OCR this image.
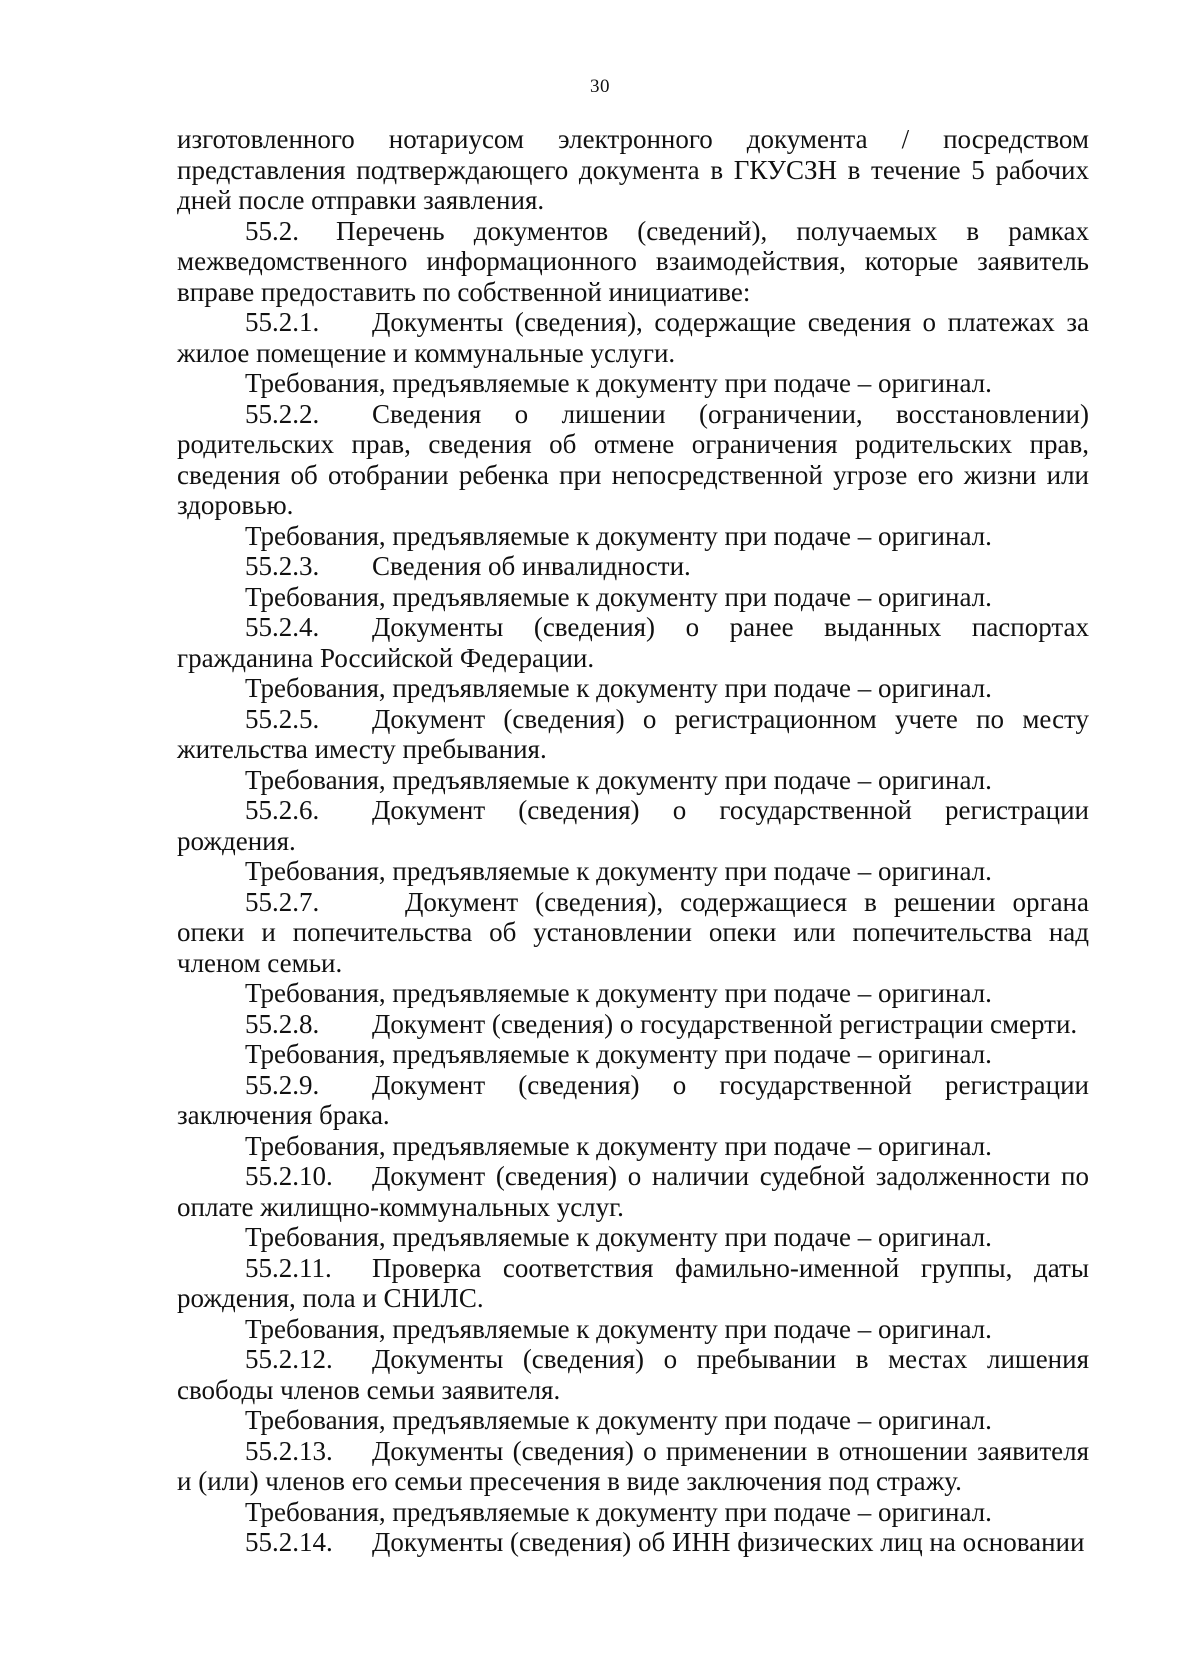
30

изготовленного нотариусом электронного документа / посредством представления подтверждающего документа в ГКУСЗН в течение 5 рабочих дней после отправки заявления.

55.2. Перечень документов (сведений), получаемых в рамках межведомственного информационного взаимодействия, которые заявитель вправе предоставить по собственной инициативе:

55.2.1. Документы (сведения), содержащие сведения о платежах за жилое помещение и коммунальные услуги.

Требования, предъявляемые к документу при подаче – оригинал.

55.2.2. Сведения о лишении (ограничении, восстановлении) родительских прав, сведения об отмене ограничения родительских прав, сведения об отобрании ребенка при непосредственной угрозе его жизни или здоровью.

Требования, предъявляемые к документу при подаче – оригинал.

55.2.3. Сведения об инвалидности.

Требования, предъявляемые к документу при подаче – оригинал.

55.2.4. Документы (сведения) о ранее выданных паспортах гражданина Российской Федерации.

Требования, предъявляемые к документу при подаче – оригинал.

55.2.5. Документ (сведения) о регистрационном учете по месту жительства иместу пребывания.

Требования, предъявляемые к документу при подаче – оригинал.

55.2.6. Документ (сведения) о государственной регистрации рождения.

Требования, предъявляемые к документу при подаче – оригинал.

55.2.7.	Документ (сведения), содержащиеся в решении органа опеки и попечительства об установлении опеки или попечительства над членом семьи.

Требования, предъявляемые к документу при подаче – оригинал.

55.2.8. Документ (сведения) о государственной регистрации смерти.

Требования, предъявляемые к документу при подаче – оригинал.

55.2.9. Документ (сведения) о государственной регистрации заключения брака.

Требования, предъявляемые к документу при подаче – оригинал.

55.2.10. Документ (сведения) о наличии судебной задолженности по оплате жилищно-коммунальных услуг.

Требования, предъявляемые к документу при подаче – оригинал.

55.2.11. Проверка соответствия фамильно-именной группы, даты рождения, пола и СНИЛС.

Требования, предъявляемые к документу при подаче – оригинал.

55.2.12. Документы (сведения) о пребывании в местах лишения свободы членов семьи заявителя.

Требования, предъявляемые к документу при подаче – оригинал.

55.2.13. Документы (сведения) о применении в отношении заявителя и (или) членов его семьи пресечения в виде заключения под стражу.

Требования, предъявляемые к документу при подаче – оригинал.

55.2.14. Документы (сведения) об ИНН физических лиц на основании
